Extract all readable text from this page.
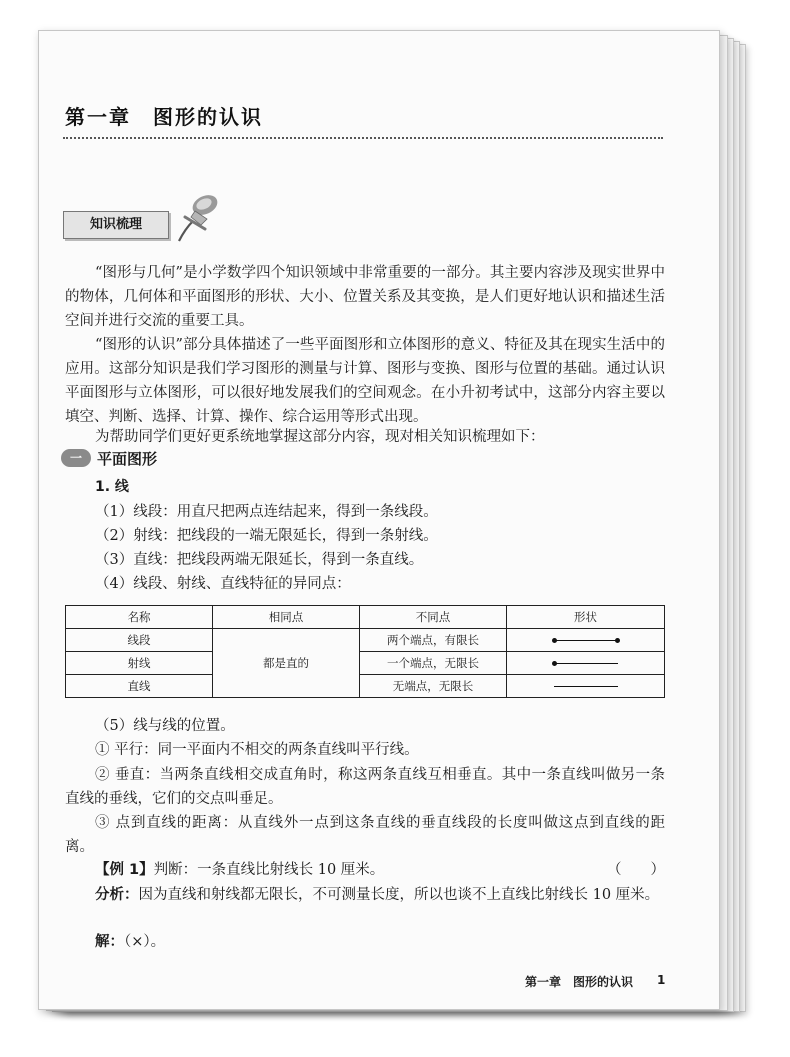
第一章　图形的认识
知识梳理

“图形与几何”是小学数学四个知识领域中非常重要的一部分。其主要内容涉及现实世界中的物体，几何体和平面图形的形状、大小、位置关系及其变换，是人们更好地认识和描述生活空间并进行交流的重要工具。

“图形的认识”部分具体描述了一些平面图形和立体图形的意义、特征及其在现实生活中的应用。这部分知识是我们学习图形的测量与计算、图形与变换、图形与位置的基础。通过认识平面图形与立体图形，可以很好地发展我们的空间观念。在小升初考试中，这部分内容主要以填空、判断、选择、计算、操作、综合运用等形式出现。

为帮助同学们更好更系统地掌握这部分内容，现对相关知识梳理如下：

一 平面图形
1. 线

（1）线段：用直尺把两点连结起来，得到一条线段。

（2）射线：把线段的一端无限延长，得到一条射线。

（3）直线：把线段两端无限延长，得到一条直线。

（4）线段、射线、直线特征的异同点：

名称	相同点	不同点	形状
线段	都是直的	两个端点，有限长	

射线		一个端点，无限长	

直线		无端点，无限长	

（5）线与线的位置。

① 平行：同一平面内不相交的两条直线叫平行线。

② 垂直：当两条直线相交成直角时，称这两条直线互相垂直。其中一条直线叫做另一条直线的垂线，它们的交点叫垂足。

③ 点到直线的距离：从直线外一点到这条直线的垂直线段的长度叫做这点到直线的距离。

【例 1】判断：一条直线比射线长 10 厘米。	（　　）

分析：因为直线和射线都无限长，不可测量长度，所以也谈不上直线比射线长 10 厘米。

解：（×）。

第一章　图形的认识 1
